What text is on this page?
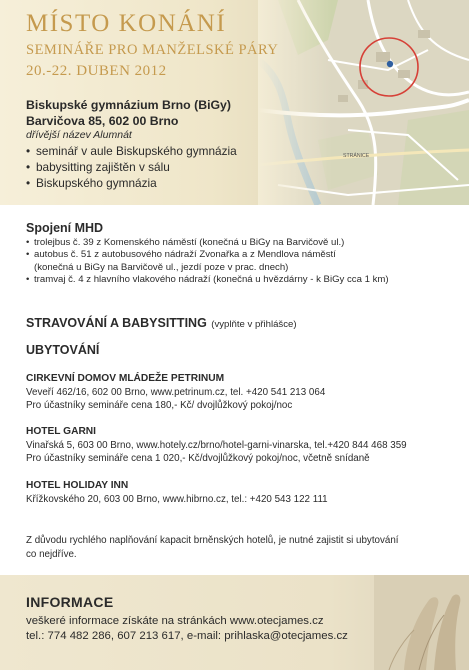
STRÁNICE
MÍSTO KONÁNÍ
SEMINÁŘE PRO MANŽELSKÉ PÁRY
20.-22. DUBEN 2012
Biskupské gymnázium Brno (BiGy)
Barvičova 85, 602 00 Brno
dřívější název Alumnát
• seminář v aule Biskupského gymnázia
• babysitting zajištěn v sálu
• Biskupského gymnázia
Spojení MHD
• trolejbus č. 39 z Komenského náměstí (konečná u BiGy na Barvičově ul.)
• autobus č. 51 z autobusového nádraží Zvonařka a z Mendlova náměstí
(konečná u BiGy na Barvičově ul., jezdí poze v prac. dnech)
• tramvaj č. 4 z hlavního vlakového nádraží (konečná u hvězdárny - k BiGy cca 1 km)
STRAVOVÁNÍ A BABYSITTING (vyplňte v přihlášce)
UBYTOVÁNÍ
CIRKEVNÍ DOMOV MLÁDEŽE PETRINUM
Veveří 462/16, 602 00 Brno, www.petrinum.cz, tel. +420 541 213 064
Pro účastníky semináře cena 180,- Kč/ dvojlůžkový pokoj/noc
HOTEL GARNI
Vinařská 5, 603 00 Brno, www.hotely.cz/brno/hotel-garni-vinarska, tel.+420 844 468 359
Pro účastníky semináře cena 1 020,- Kč/dvojlůžkový pokoj/noc, včetně snídaně
HOTEL HOLIDAY INN
Křížkovského 20, 603 00 Brno, www.hibrno.cz, tel.: +420 543 122 111
Z důvodu rychlého naplňování kapacit brněnských hotelů, je nutné zajistit si ubytování
co nejdříve.
INFORMACE
veškeré informace získáte na stránkách www.otecjames.cz
tel.: 774 482 286, 607 213 617, e-mail: prihlaska@otecjames.cz
